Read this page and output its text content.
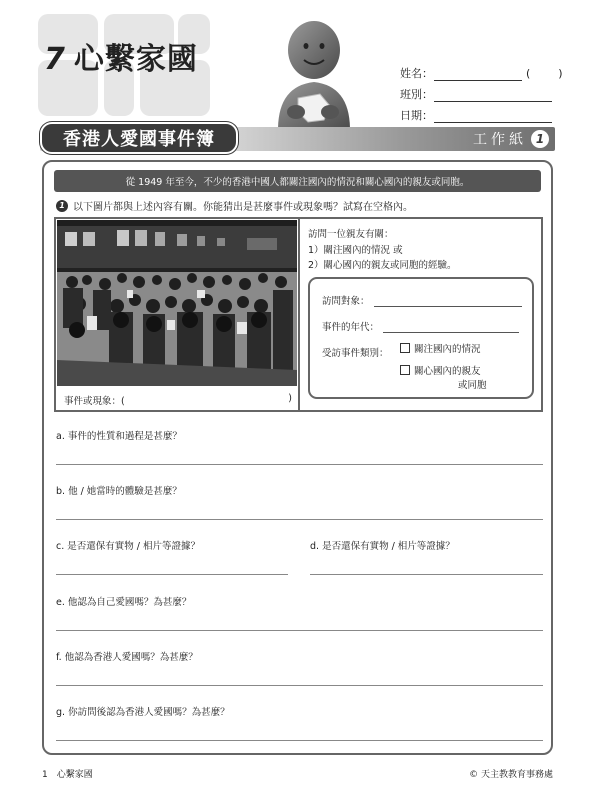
7 心繫家國	姓名：	(　　)
班別：
日期：
香港人愛國事件簿	工作紙 1
從 1949 年至今，不少的香港中國人都關注國內的情況和關心國內的親友或同胞。
1 以下圖片都與上述內容有關。你能猜出是甚麼事件或現象嗎？試寫在空格內。
事件或現象：(	)
訪問一位親友有關：
1）關注國內的情況 或
2）關心國內的親友或同胞的經驗。
訪問對象：
事件的年代：
受訪事件類別：	關注國內的情況
關心國內的親友
或同胞
a. 事件的性質和過程是甚麼？
b. 他 / 她當時的體驗是甚麼？
c. 是否還保有實物 / 相片等證據？	d. 是否還保有實物 / 相片等證據？
e. 他認為自己愛國嗎？為甚麼？
f. 他認為香港人愛國嗎？為甚麼？
g. 你訪問後認為香港人愛國嗎？為甚麼？
1　心繫家國	© 天主教教育事務處
